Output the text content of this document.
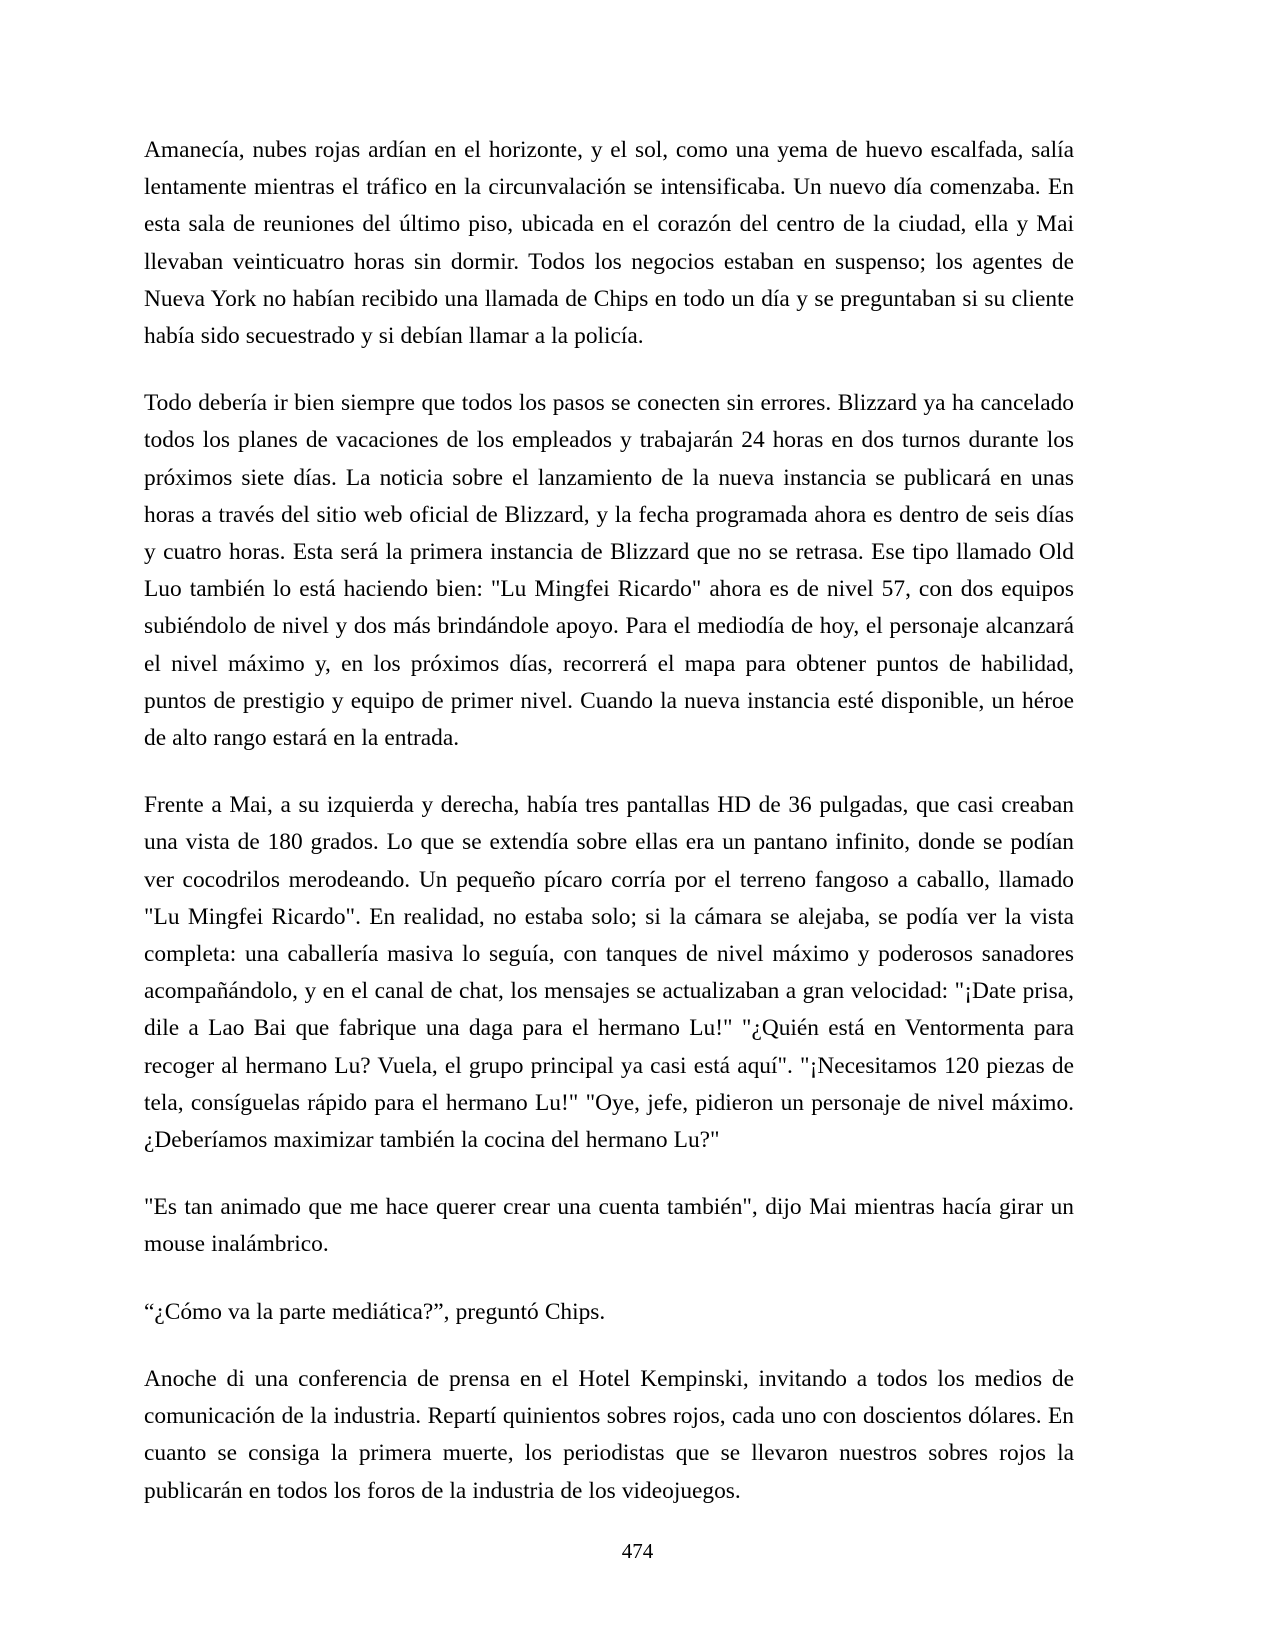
Amanecía, nubes rojas ardían en el horizonte, y el sol, como una yema de huevo escalfada, salía lentamente mientras el tráfico en la circunvalación se intensificaba. Un nuevo día comenzaba. En esta sala de reuniones del último piso, ubicada en el corazón del centro de la ciudad, ella y Mai llevaban veinticuatro horas sin dormir. Todos los negocios estaban en suspenso; los agentes de Nueva York no habían recibido una llamada de Chips en todo un día y se preguntaban si su cliente había sido secuestrado y si debían llamar a la policía.

Todo debería ir bien siempre que todos los pasos se conecten sin errores. Blizzard ya ha cancelado todos los planes de vacaciones de los empleados y trabajarán 24 horas en dos turnos durante los próximos siete días. La noticia sobre el lanzamiento de la nueva instancia se publicará en unas horas a través del sitio web oficial de Blizzard, y la fecha programada ahora es dentro de seis días y cuatro horas. Esta será la primera instancia de Blizzard que no se retrasa. Ese tipo llamado Old Luo también lo está haciendo bien: "Lu Mingfei Ricardo" ahora es de nivel 57, con dos equipos subiéndolo de nivel y dos más brindándole apoyo. Para el mediodía de hoy, el personaje alcanzará el nivel máximo y, en los próximos días, recorrerá el mapa para obtener puntos de habilidad, puntos de prestigio y equipo de primer nivel. Cuando la nueva instancia esté disponible, un héroe de alto rango estará en la entrada.

Frente a Mai, a su izquierda y derecha, había tres pantallas HD de 36 pulgadas, que casi creaban una vista de 180 grados. Lo que se extendía sobre ellas era un pantano infinito, donde se podían ver cocodrilos merodeando. Un pequeño pícaro corría por el terreno fangoso a caballo, llamado "Lu Mingfei Ricardo". En realidad, no estaba solo; si la cámara se alejaba, se podía ver la vista completa: una caballería masiva lo seguía, con tanques de nivel máximo y poderosos sanadores acompañándolo, y en el canal de chat, los mensajes se actualizaban a gran velocidad: "¡Date prisa, dile a Lao Bai que fabrique una daga para el hermano Lu!" "¿Quién está en Ventormenta para recoger al hermano Lu? Vuela, el grupo principal ya casi está aquí". "¡Necesitamos 120 piezas de tela, consíguelas rápido para el hermano Lu!" "Oye, jefe, pidieron un personaje de nivel máximo. ¿Deberíamos maximizar también la cocina del hermano Lu?"

"Es tan animado que me hace querer crear una cuenta también", dijo Mai mientras hacía girar un mouse inalámbrico.

“¿Cómo va la parte mediática?”, preguntó Chips.

Anoche di una conferencia de prensa en el Hotel Kempinski, invitando a todos los medios de comunicación de la industria. Repartí quinientos sobres rojos, cada uno con doscientos dólares. En cuanto se consiga la primera muerte, los periodistas que se llevaron nuestros sobres rojos la publicarán en todos los foros de la industria de los videojuegos.

474
